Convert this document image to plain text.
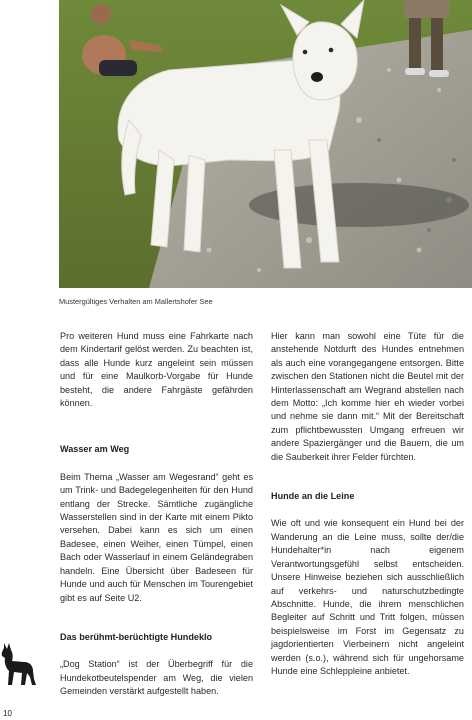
Mustergültiges Verhalten am Mallertshofer See

Pro weiteren Hund muss eine Fahrkarte nach dem Kindertarif gelöst werden. Zu beachten ist, dass alle Hunde kurz angeleint sein müssen und für eine Maulkorb-Vorgabe für Hunde besteht, die andere Fahrgäste gefährden können.

Wasser am Weg

Beim Thema „Wasser am Wegesrand“ geht es um Trink- und Badegelegenheiten für den Hund entlang der Strecke. Sämtliche zugängliche Wasserstellen sind in der Karte mit einem Pikto versehen. Dabei kann es sich um einen Badesee, einen Weiher, einen Tümpel, einen Bach oder Wasserlauf in einem Geländegraben handeln. Eine Übersicht über Badeseen für Hunde und auch für Menschen im Tourengebiet gibt es auf Seite U2.

Das berühmt-berüchtigte Hundeklo

„Dog Station“ ist der Überbegriff für die Hundekotbeutelspender am Weg, die vielen Gemeinden verstärkt aufgestellt haben.

Hier kann man sowohl eine Tüte für die anstehende Notdurft des Hundes entnehmen als auch eine vorangegangene entsorgen. Bitte zwischen den Stationen nicht die Beutel mit der Hinterlassenschaft am Wegrand abstellen nach dem Motto: „Ich komme hier eh wieder vorbei und nehme sie dann mit.“ Mit der Bereitschaft zum pflichtbewussten Umgang erfreuen wir andere Spaziergänger und die Bauern, die um die Sauberkeit ihrer Felder fürchten.

Hunde an die Leine

Wie oft und wie konsequent ein Hund bei der Wanderung an die Leine muss, sollte der/die Hundehalter*in nach eigenem Verantwortungsgefühl selbst entscheiden. Unsere Hinweise beziehen sich ausschließlich auf verkehrs- und naturschutzbedingte Abschnitte. Hunde, die ihrem menschlichen Begleiter auf Schritt und Tritt folgen, müssen beispielsweise im Forst im Gegensatz zu jagdorientierten Vierbeinern nicht angeleint werden (s.o.), während sich für ungehorsame Hunde eine Schleppleine anbietet.

10
